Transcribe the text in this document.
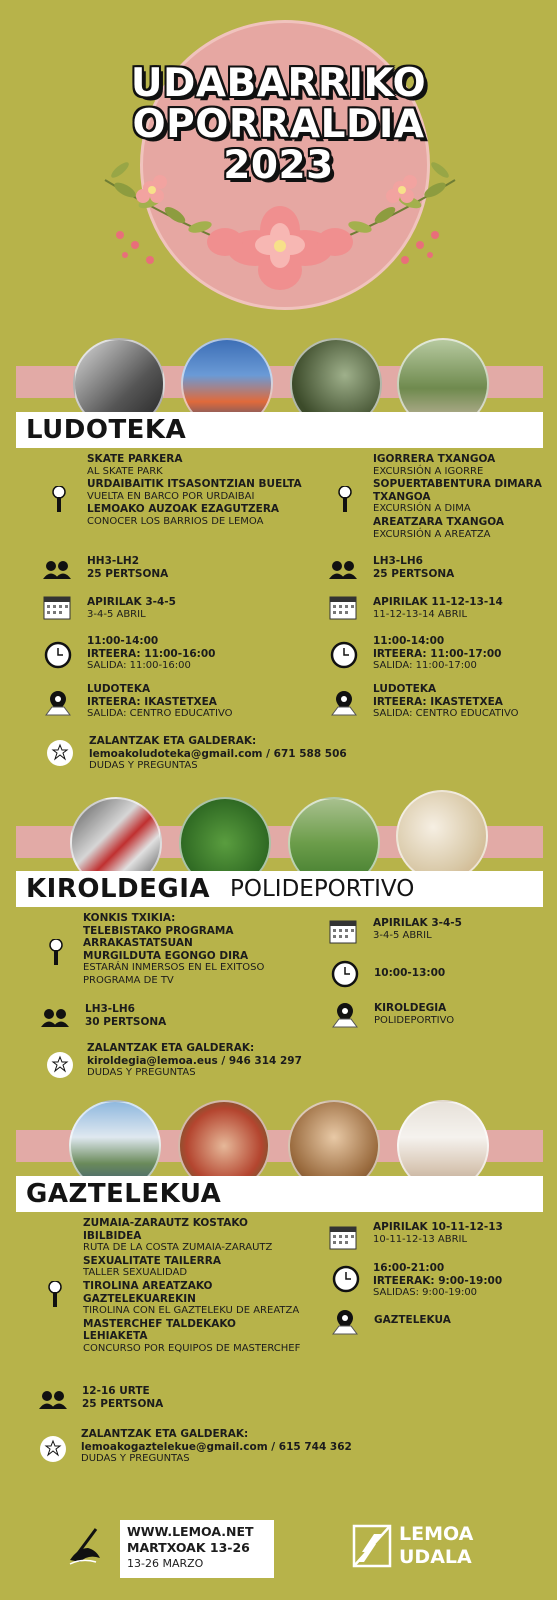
UDABARRIKO
OPORRALDIA
2023
LUDOTEKA
SKATE PARKERA
AL SKATE PARK
URDAIBAITIK ITSASONTZIAN BUELTA
VUELTA EN BARCO POR URDAIBAI
LEMOAKO AUZOAK EZAGUTZERA
CONOCER LOS BARRIOS DE LEMOA
HH3-LH2
25 PERTSONA
APIRILAK 3-4-5
3-4-5 ABRIL
11:00-14:00
IRTEERA: 11:00-16:00
SALIDA: 11:00-16:00
LUDOTEKA
IRTEERA: IKASTETXEA
SALIDA: CENTRO EDUCATIVO
IGORRERA TXANGOA
EXCURSIÓN A IGORRE
SOPUERTABENTURA DIMARA TXANGOA
EXCURSIÓN A DIMA
AREATZARA TXANGOA
EXCURSIÓN A AREATZA
LH3-LH6
25 PERTSONA
APIRILAK 11-12-13-14
11-12-13-14 ABRIL
11:00-14:00
IRTEERA: 11:00-17:00
SALIDA: 11:00-17:00
LUDOTEKA
IRTEERA: IKASTETXEA
SALIDA: CENTRO EDUCATIVO
ZALANTZAK ETA GALDERAK:
lemoakoludoteka@gmail.com / 671 588 506
DUDAS Y PREGUNTAS
KIROLDEGIA POLIDEPORTIVO
KONKIS TXIKIA:
TELEBISTAKO PROGRAMA ARRAKASTATSUAN MURGILDUTA EGONGO DIRA
ESTARÁN INMERSOS EN EL EXITOSO PROGRAMA DE TV
LH3-LH6
30 PERTSONA
ZALANTZAK ETA GALDERAK:
kiroldegia@lemoa.eus / 946 314 297
DUDAS Y PREGUNTAS
APIRILAK 3-4-5
3-4-5 ABRIL
10:00-13:00
KIROLDEGIA
POLIDEPORTIVO
GAZTELEKUA
ZUMAIA-ZARAUTZ KOSTAKO IBILBIDEA
RUTA DE LA COSTA ZUMAIA-ZARAUTZ
SEXUALITATE TAILERRA
TALLER SEXUALIDAD
TIROLINA AREATZAKO GAZTELEKUAREKIN
TIROLINA CON EL GAZTELEKU DE AREATZA
MASTERCHEF TALDEKAKO LEHIAKETA
CONCURSO POR EQUIPOS DE MASTERCHEF
12-16 URTE
25 PERTSONA
ZALANTZAK ETA GALDERAK:
lemoakogaztelekue@gmail.com / 615 744 362
DUDAS Y PREGUNTAS
APIRILAK 10-11-12-13
10-11-12-13 ABRIL
16:00-21:00
IRTEERAK: 9:00-19:00
SALIDAS: 9:00-19:00
GAZTELEKUA
WWW.LEMOA.NET
MARTXOAK 13-26
13-26 MARZO
LEMOA
UDALA
